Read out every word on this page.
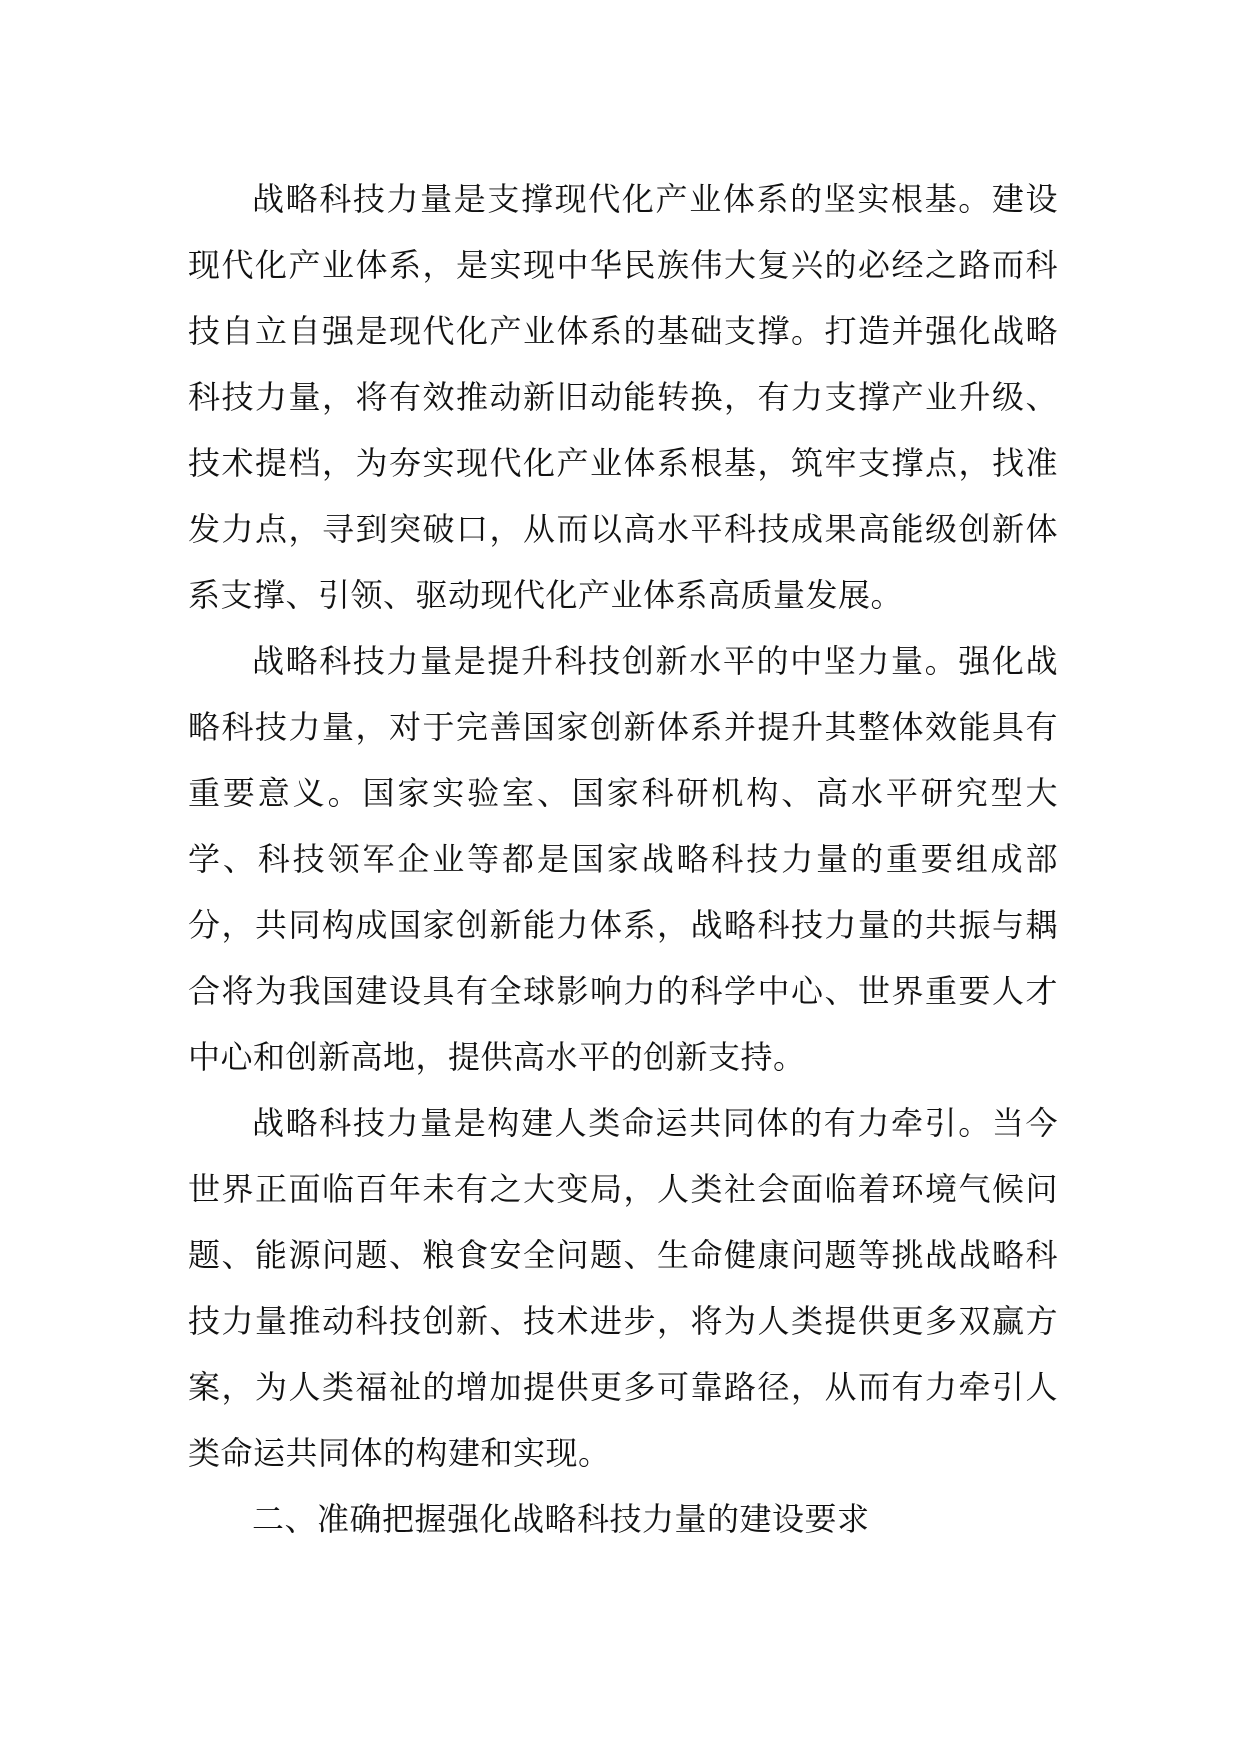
战略科技力量是支撑现代化产业体系的坚实根基。建设现代化产业体系，是实现中华民族伟大复兴的必经之路而科技自立自强是现代化产业体系的基础支撑。打造并强化战略科技力量，将有效推动新旧动能转换，有力支撑产业升级、技术提档，为夯实现代化产业体系根基，筑牢支撑点，找准发力点，寻到突破口，从而以高水平科技成果高能级创新体系支撑、引领、驱动现代化产业体系高质量发展。

战略科技力量是提升科技创新水平的中坚力量。强化战略科技力量，对于完善国家创新体系并提升其整体效能具有重要意义。国家实验室、国家科研机构、高水平研究型大学、科技领军企业等都是国家战略科技力量的重要组成部分，共同构成国家创新能力体系，战略科技力量的共振与耦合将为我国建设具有全球影响力的科学中心、世界重要人才中心和创新高地，提供高水平的创新支持。

战略科技力量是构建人类命运共同体的有力牵引。当今世界正面临百年未有之大变局，人类社会面临着环境气候问题、能源问题、粮食安全问题、生命健康问题等挑战战略科技力量推动科技创新、技术进步，将为人类提供更多双赢方案，为人类福祉的增加提供更多可靠路径，从而有力牵引人类命运共同体的构建和实现。

二、准确把握强化战略科技力量的建设要求
